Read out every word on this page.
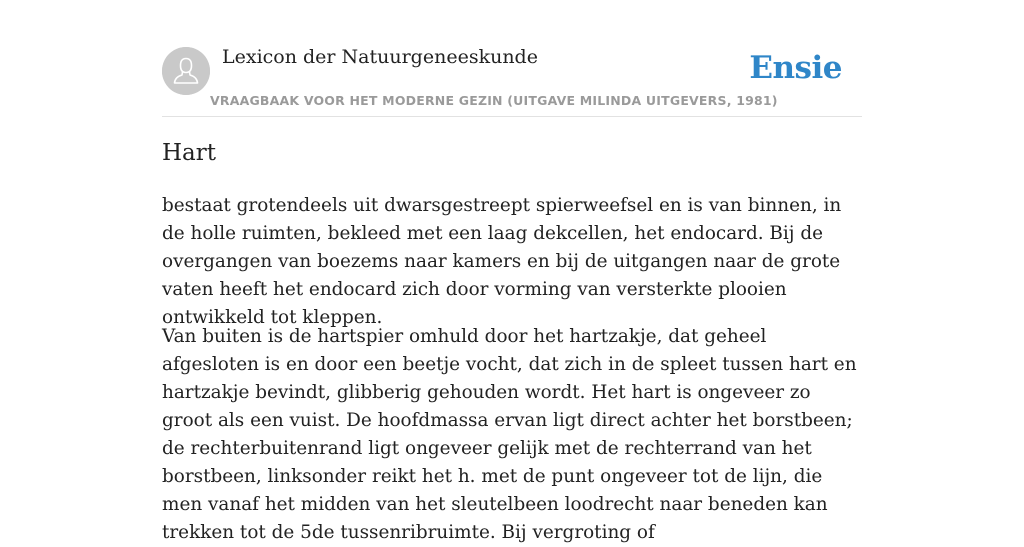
Lexicon der Natuurgeneeskunde
VRAAGBAAK VOOR HET MODERNE GEZIN (UITGAVE MILINDA UITGEVERS, 1981)
Ensie
Hart

bestaat grotendeels uit dwarsgestreept spierweefsel en is van binnen, in de holle ruimten, bekleed met een laag dekcellen, het endocard. Bij de overgangen van boezems naar kamers en bij de uitgangen naar de grote vaten heeft het endocard zich door vorming van versterkte plooien ontwikkeld tot kleppen.

Van buiten is de hartspier omhuld door het hartzakje, dat geheel afgesloten is en door een beetje vocht, dat zich in de spleet tussen hart en hartzakje bevindt, glibberig gehouden wordt. Het hart is ongeveer zo groot als een vuist. De hoofdmassa ervan ligt direct achter het borstbeen; de rechterbuitenrand ligt ongeveer gelijk met de rechterrand van het borstbeen, linksonder reikt het h. met de punt ongeveer tot de lijn, die men vanaf het midden van het sleutelbeen loodrecht naar beneden kan trekken tot de 5de tussenribruimte. Bij vergroting of
